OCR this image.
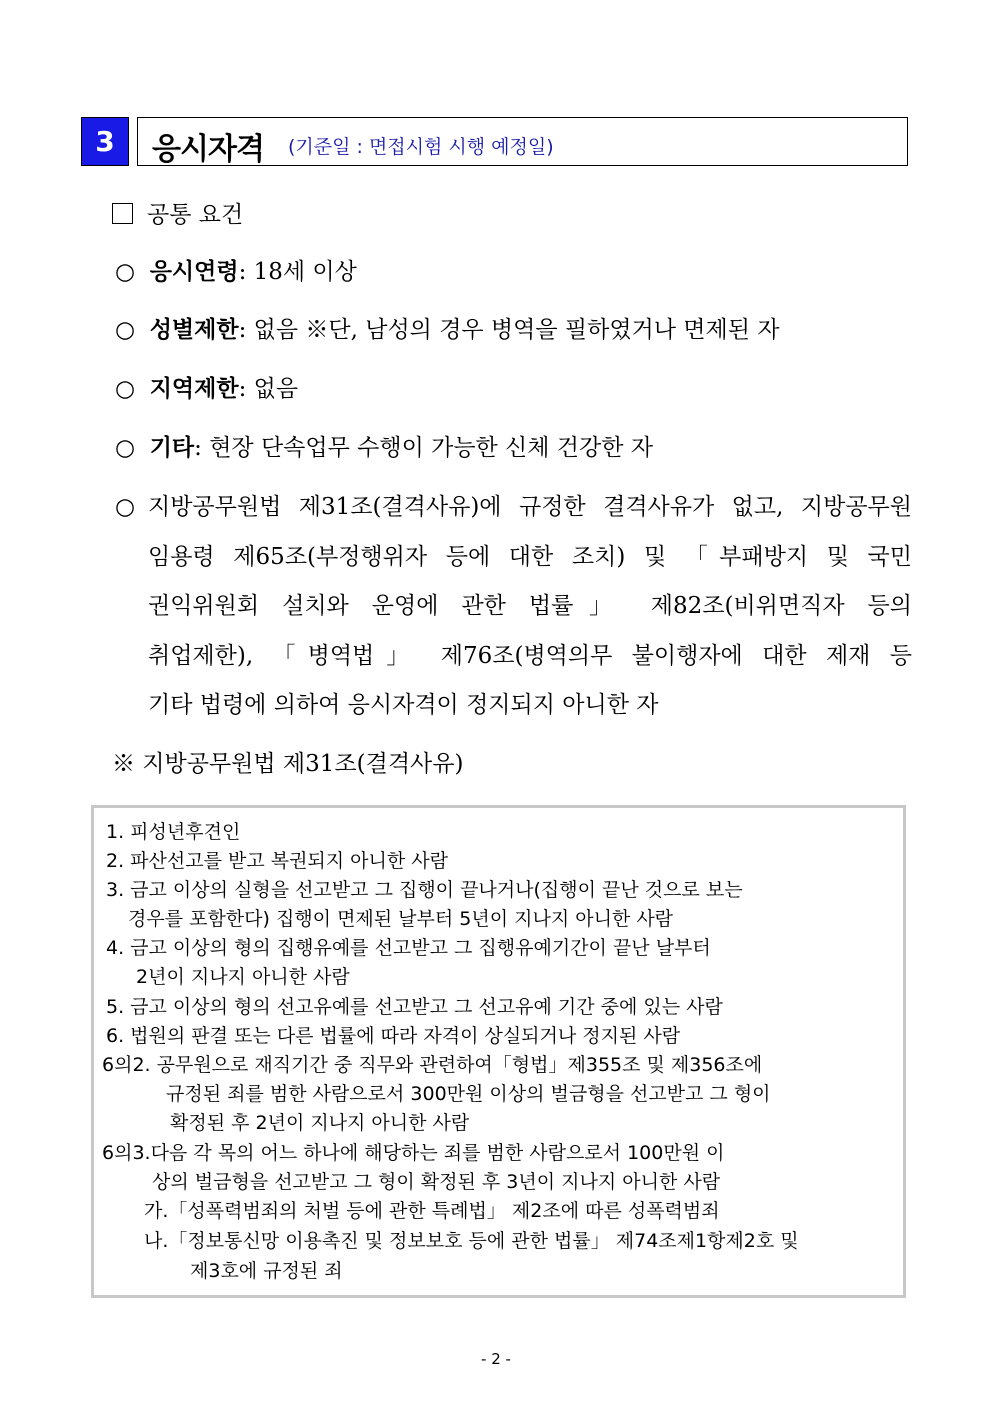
3	응시자격 (기준일 : 면접시험 시행 예정일)
공통 요건
○ 응시연령: 18세 이상
○ 성별제한: 없음 ※단, 남성의 경우 병역을 필하였거나 면제된 자
○ 지역제한: 없음
○ 기타: 현장 단속업무 수행이 가능한 신체 건강한 자
○ 지방공무원법 제31조(결격사유)에 규정한 결격사유가 없고, 지방공무원
임용령 제65조(부정행위자 등에 대한 조치) 및 「부패방지 및 국민
권익위원회 설치와 운영에 관한 법률」 제82조(비위면직자 등의
취업제한), 「병역법」 제76조(병역의무 불이행자에 대한 제재 등
기타 법령에 의하여 응시자격이 정지되지 아니한 자
※ 지방공무원법 제31조(결격사유)
1. 피성년후견인
2. 파산선고를 받고 복권되지 아니한 사람
3. 금고 이상의 실형을 선고받고 그 집행이 끝나거나(집행이 끝난 것으로 보는
경우를 포함한다) 집행이 면제된 날부터 5년이 지나지 아니한 사람
4. 금고 이상의 형의 집행유예를 선고받고 그 집행유예기간이 끝난 날부터
2년이 지나지 아니한 사람
5. 금고 이상의 형의 선고유예를 선고받고 그 선고유예 기간 중에 있는 사람
6. 법원의 판결 또는 다른 법률에 따라 자격이 상실되거나 정지된 사람
6의2. 공무원으로 재직기간 중 직무와 관련하여「형법」제355조 및 제356조에
규정된 죄를 범한 사람으로서 300만원 이상의 벌금형을 선고받고 그 형이
확정된 후 2년이 지나지 아니한 사람
6의3.다음 각 목의 어느 하나에 해당하는 죄를 범한 사람으로서 100만원 이
상의 벌금형을 선고받고 그 형이 확정된 후 3년이 지나지 아니한 사람
가.「성폭력범죄의 처벌 등에 관한 특례법」 제2조에 따른 성폭력범죄
나.「정보통신망 이용촉진 및 정보보호 등에 관한 법률」 제74조제1항제2호 및
제3호에 규정된 죄
- 2 -
